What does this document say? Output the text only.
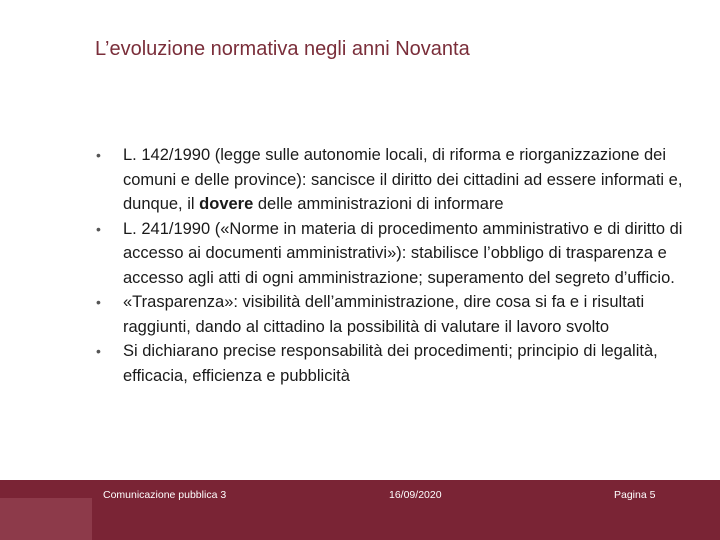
L’evoluzione normativa negli anni Novanta
• L. 142/1990 (legge sulle autonomie locali, di riforma e riorganizzazione dei comuni e delle province): sancisce il diritto dei cittadini ad essere informati e, dunque, il dovere delle amministrazioni di informare
• L. 241/1990 («Norme in materia di procedimento amministrativo e di diritto di accesso ai documenti amministrativi»): stabilisce l’obbligo di trasparenza e accesso agli atti di ogni amministrazione; superamento del segreto d’ufficio.
• «Trasparenza»: visibilità dell’amministrazione, dire cosa si fa e i risultati raggiunti, dando al cittadino la possibilità di valutare il lavoro svolto
• Si dichiarano precise responsabilità dei procedimenti; principio di legalità, efficacia, efficienza e pubblicità
Comunicazione pubblica 3	16/09/2020	Pagina 5
